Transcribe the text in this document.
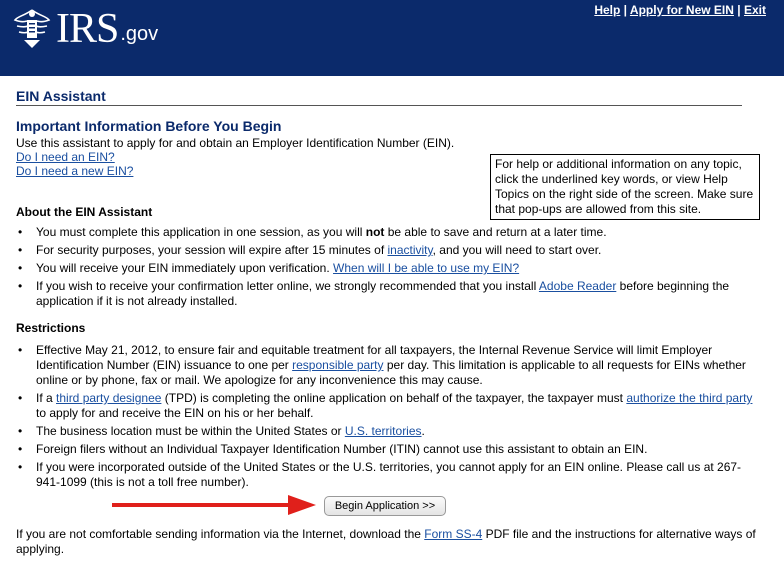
IRS .gov
Help | Apply for New EIN | Exit
EIN Assistant
Important Information Before You Begin
Use this assistant to apply for and obtain an Employer Identification Number (EIN).
Do I need an EIN?
Do I need a new EIN?	For help or additional information on any topic, click the underlined key words, or view Help Topics on the right side of the screen. Make sure that pop-ups are allowed from this site.
About the EIN Assistant
• You must complete this application in one session, as you will not be able to save and return at a later time.
• For security purposes, your session will expire after 15 minutes of inactivity, and you will need to start over.
• You will receive your EIN immediately upon verification. When will I be able to use my EIN?
• If you wish to receive your confirmation letter online, we strongly recommended that you install Adobe Reader before beginning the application if it is not already installed.
Restrictions
• Effective May 21, 2012, to ensure fair and equitable treatment for all taxpayers, the Internal Revenue Service will limit Employer Identification Number (EIN) issuance to one per responsible party per day. This limitation is applicable to all requests for EINs whether online or by phone, fax or mail. We apologize for any inconvenience this may cause.
• If a third party designee (TPD) is completing the online application on behalf of the taxpayer, the taxpayer must authorize the third party to apply for and receive the EIN on his or her behalf.
• The business location must be within the United States or U.S. territories.
• Foreign filers without an Individual Taxpayer Identification Number (ITIN) cannot use this assistant to obtain an EIN.
• If you were incorporated outside of the United States or the U.S. territories, you cannot apply for an EIN online. Please call us at 267-941-1099 (this is not a toll free number).
Begin Application >>
If you are not comfortable sending information via the Internet, download the Form SS-4 PDF file and the instructions for alternative ways of applying.
